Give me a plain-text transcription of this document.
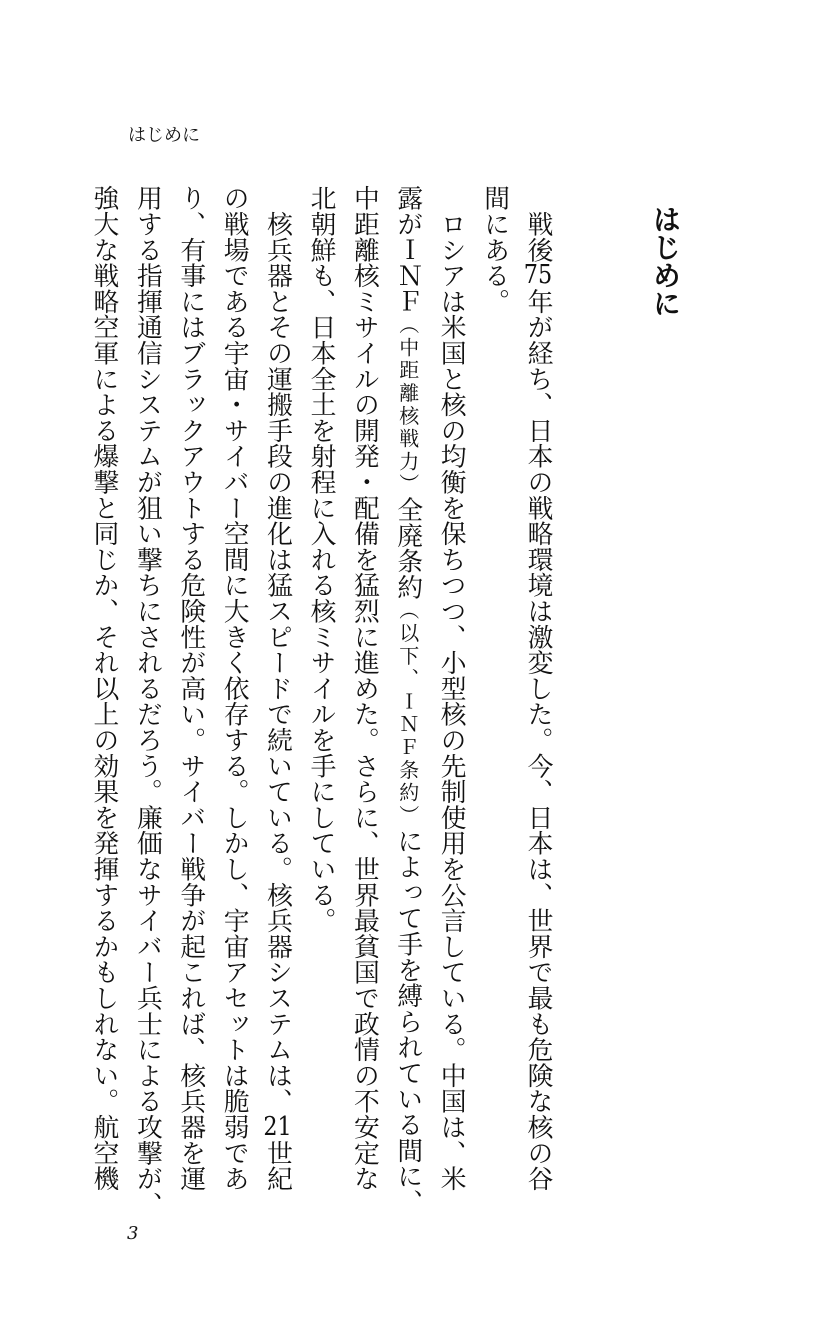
はじめに
はじめに
　戦後75年が経ち、日本の戦略環境は激変した。今、日本は、世界で最も危険な核の谷
間にある。
　ロシアは米国と核の均衡を保ちつつ、小型核の先制使用を公言している。中国は、米
露がＩＮＦ（中距離核戦力）全廃条約（以下、ＩＮＦ条約）によって手を縛られている間に、
中距離核ミサイルの開発・配備を猛烈に進めた。さらに、世界最貧国で政情の不安定な
北朝鮮も、日本全土を射程に入れる核ミサイルを手にしている。
　核兵器とその運搬手段の進化は猛スピードで続いている。核兵器システムは、21世紀
の戦場である宇宙・サイバー空間に大きく依存する。しかし、宇宙アセットは脆弱であ
り、有事にはブラックアウトする危険性が高い。サイバー戦争が起これば、核兵器を運
用する指揮通信システムが狙い撃ちにされるだろう。廉価なサイバー兵士による攻撃が、
強大な戦略空軍による爆撃と同じか、それ以上の効果を発揮するかもしれない。航空機
3
